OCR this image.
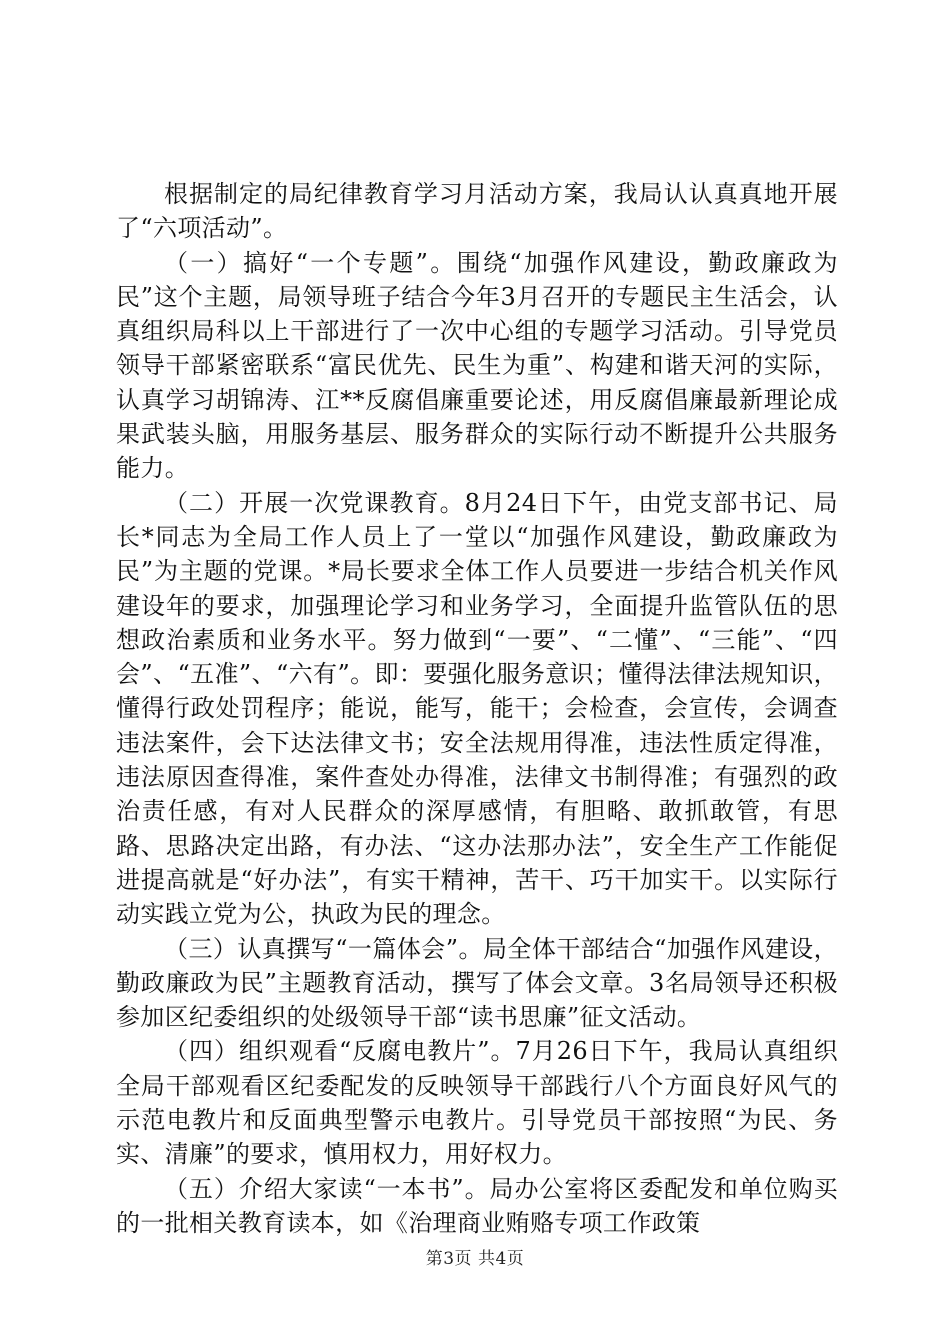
根据制定的局纪律教育学习月活动方案，我局认认真真地开展了“六项活动”。

（一）搞好“一个专题”。围绕“加强作风建设，勤政廉政为民”这个主题，局领导班子结合今年3月召开的专题民主生活会，认真组织局科以上干部进行了一次中心组的专题学习活动。引导党员领导干部紧密联系“富民优先、民生为重”、构建和谐天河的实际，认真学习胡锦涛、江**反腐倡廉重要论述，用反腐倡廉最新理论成果武装头脑，用服务基层、服务群众的实际行动不断提升公共服务能力。

（二）开展一次党课教育。8月24日下午，由党支部书记、局长*同志为全局工作人员上了一堂以“加强作风建设，勤政廉政为民”为主题的党课。*局长要求全体工作人员要进一步结合机关作风建设年的要求，加强理论学习和业务学习，全面提升监管队伍的思想政治素质和业务水平。努力做到“一要”、“二懂”、“三能”、“四会”、“五准”、“六有”。即：要强化服务意识；懂得法律法规知识，懂得行政处罚程序；能说，能写，能干；会检查，会宣传，会调查违法案件，会下达法律文书；安全法规用得准，违法性质定得准，违法原因查得准，案件查处办得准，法律文书制得准；有强烈的政治责任感，有对人民群众的深厚感情，有胆略、敢抓敢管，有思路、思路决定出路，有办法、“这办法那办法”，安全生产工作能促进提高就是“好办法”，有实干精神，苦干、巧干加实干。以实际行动实践立党为公，执政为民的理念。

（三）认真撰写“一篇体会”。局全体干部结合“加强作风建设，勤政廉政为民”主题教育活动，撰写了体会文章。3名局领导还积极参加区纪委组织的处级领导干部“读书思廉”征文活动。

（四）组织观看“反腐电教片”。7月26日下午，我局认真组织全局干部观看区纪委配发的反映领导干部践行八个方面良好风气的示范电教片和反面典型警示电教片。引导党员干部按照“为民、务实、清廉”的要求，慎用权力，用好权力。

（五）介绍大家读“一本书”。局办公室将区委配发和单位购买的一批相关教育读本，如《治理商业贿赂专项工作政策

第3页 共4页
